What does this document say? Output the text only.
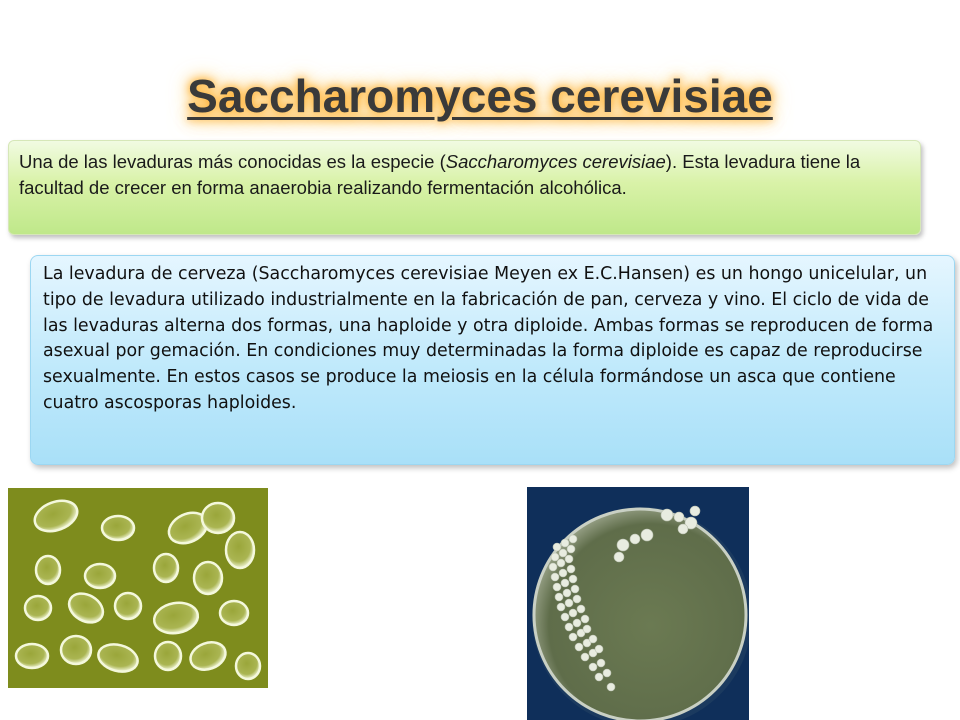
Saccharomyces cerevisiae
Una de las levaduras más conocidas es la especie (Saccharomyces cerevisiae). Esta levadura tiene la facultad de crecer en forma anaerobia realizando fermentación alcohólica.
La levadura de cerveza (Saccharomyces cerevisiae Meyen ex E.C.Hansen) es un hongo unicelular, un tipo de levadura utilizado industrialmente en la fabricación de pan, cerveza y vino. El ciclo de vida de las levaduras alterna dos formas, una haploide y otra diploide. Ambas formas se reproducen de forma asexual por gemación. En condiciones muy determinadas la forma diploide es capaz de reproducirse sexualmente. En estos casos se produce la meiosis en la célula formándose un asca que contiene cuatro ascosporas haploides.
